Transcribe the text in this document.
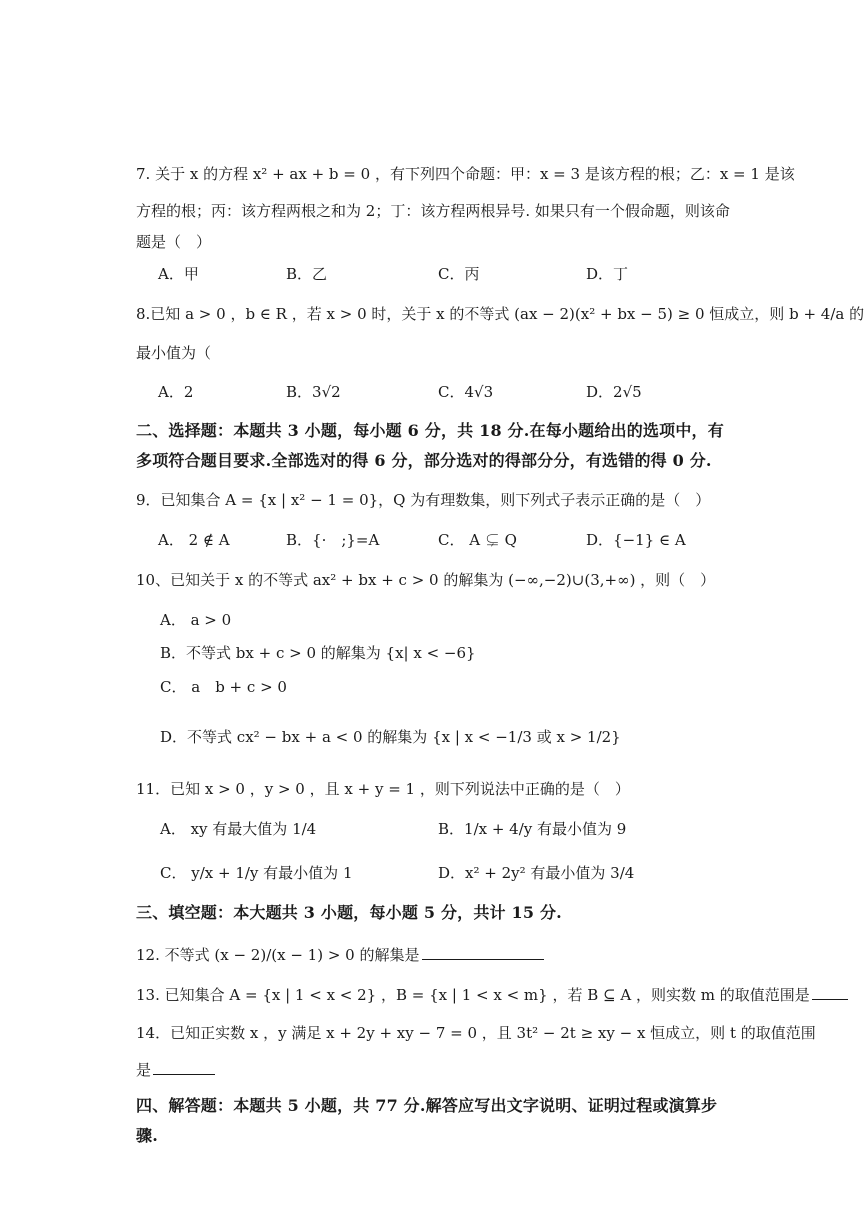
7. 关于 x 的方程 x² + ax + b = 0 ，有下列四个命题：甲：x = 3 是该方程的根；乙：x = 1 是该
方程的根；丙：该方程两根之和为 2；丁：该方程两根异号. 如果只有一个假命题，则该命
题是（　）
A．甲	B．乙	C．丙	D．丁
8.已知 a > 0 ，b ∈ R ，若 x > 0 时，关于 x 的不等式 (ax − 2)(x² + bx − 5) ≥ 0 恒成立，则 b + 4/a 的
最小值为（
A．2	B．3√2	C．4√3	D．2√5
二、选择题：本题共 3 小题，每小题 6 分，共 18 分.在每小题给出的选项中，有
多项符合题目要求.全部选对的得 6 分，部分选对的得部分分，有选错的得 0 分.
9．已知集合 A = {x | x² − 1 = 0}，Q 为有理数集，则下列式子表示正确的是（　）
A． 2 ∉ A	B．{·　;}=A	C． A ⊊ Q	D．{−1} ∈ A
10、已知关于 x 的不等式 ax² + bx + c > 0 的解集为 (−∞,−2)∪(3,+∞) ，则（　）
A． a > 0
B．不等式 bx + c > 0 的解集为 {x| x < −6}
C． a　b + c > 0
D．不等式 cx² − bx + a < 0 的解集为 {x | x < −1/3 或 x > 1/2}
11．已知 x > 0 ，y > 0 ，且 x + y = 1 ，则下列说法中正确的是（　）
A． xy 有最大值为 1/4	B．1/x + 4/y 有最小值为 9
C． y/x + 1/y 有最小值为 1	D．x² + 2y² 有最小值为 3/4
三、填空题：本大题共 3 小题，每小题 5 分，共计 15 分.
12. 不等式 (x − 2)/(x − 1) > 0 的解集是
13. 已知集合 A = {x | 1 < x < 2} ，B = {x | 1 < x < m} ，若 B ⊆ A ，则实数 m 的取值范围是
14．已知正实数 x ，y 满足 x + 2y + xy − 7 = 0 ，且 3t² − 2t ≥ xy − x 恒成立，则 t 的取值范围
是
四、解答题：本题共 5 小题，共 77 分.解答应写出文字说明、证明过程或演算步
骤.
